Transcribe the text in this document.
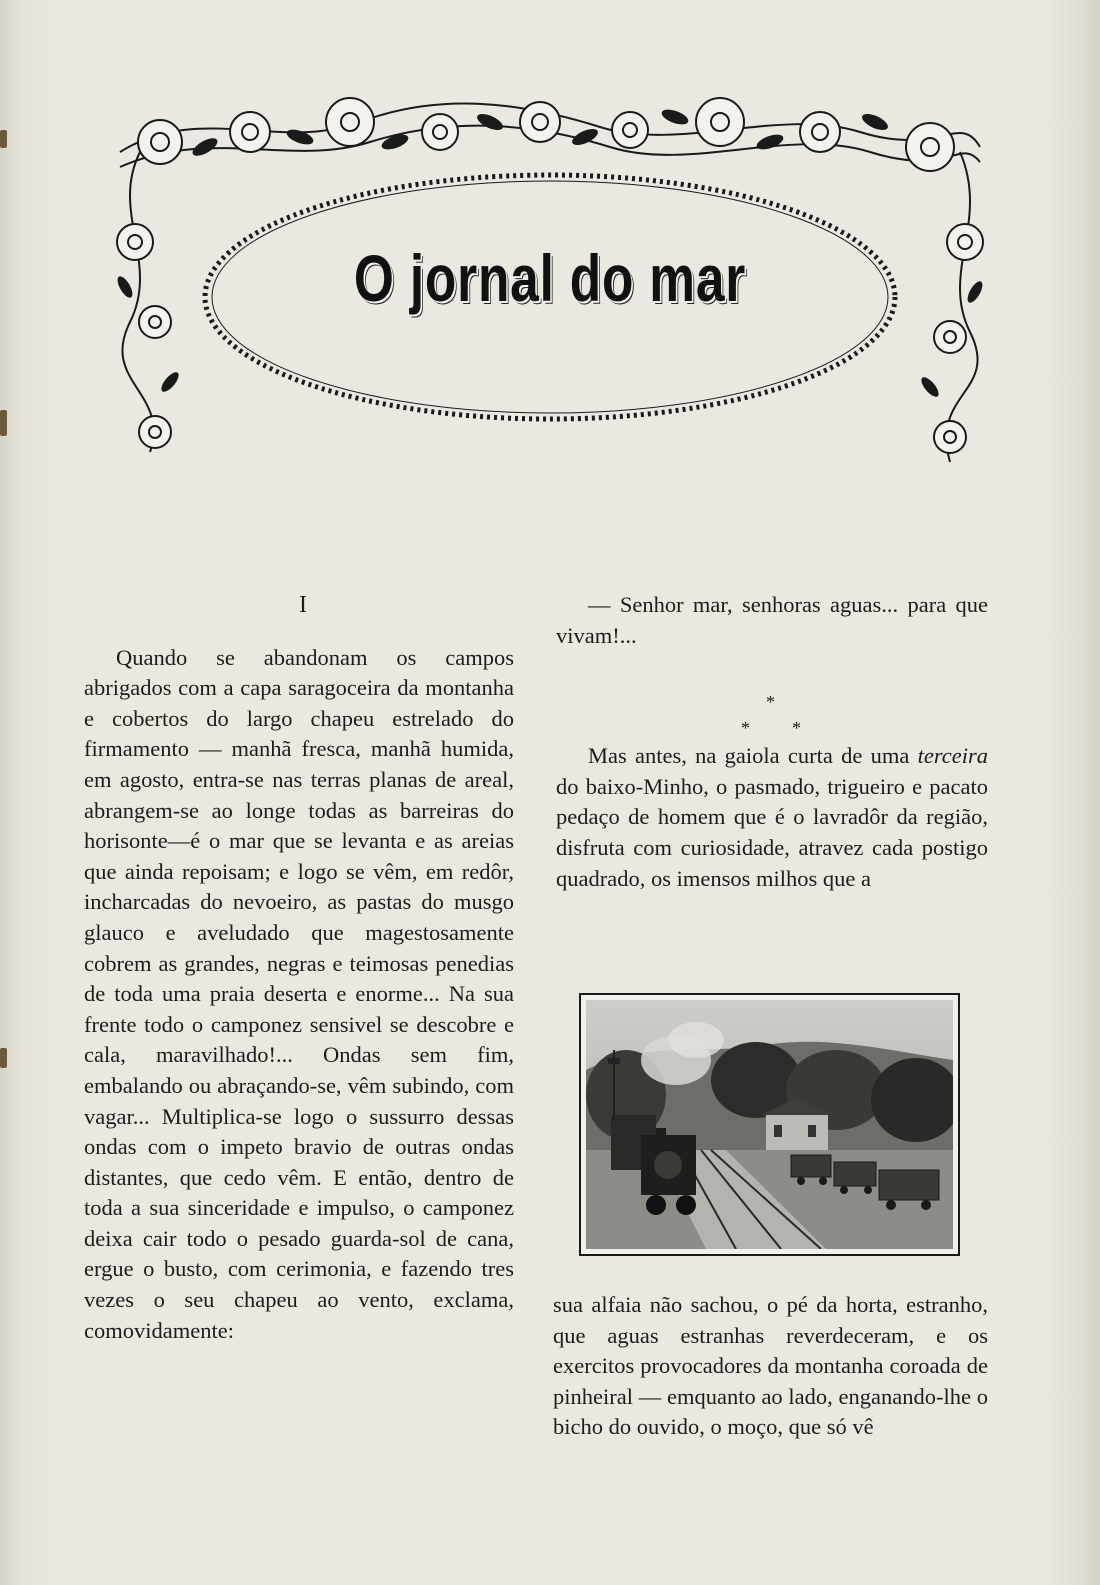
O jornal do mar
I

Quando se abandonam os campos abrigados com a capa saragoceira da montanha e cobertos do largo chapeu estrelado do firmamento — manhã fresca, manhã humida, em agosto, entra-se nas terras planas de areal, abrangem-se ao longe todas as barreiras do horisonte—é o mar que se levanta e as areias que ainda repoisam; e logo se vêm, em redôr, incharcadas do nevoeiro, as pastas do musgo glauco e aveludado que magestosamente cobrem as grandes, negras e teimosas penedias de toda uma praia deserta e enorme... Na sua frente todo o camponez sensivel se descobre e cala, maravilhado!... Ondas sem fim, embalando ou abraçando-se, vêm subindo, com vagar... Multiplica-se logo o sussurro dessas ondas com o impeto bravio de outras ondas distantes, que cedo vêm. E então, dentro de toda a sua sinceridade e impulso, o camponez deixa cair todo o pesado guarda-sol de cana, ergue o busto, com cerimonia, e fazendo tres vezes o seu chapeu ao vento, exclama, comovidamente:

— Senhor mar, senhoras aguas... para que vivam!...

*
* *

Mas antes, na gaiola curta de uma terceira do baixo-Minho, o pasmado, trigueiro e pacato pedaço de homem que é o lavradôr da região, disfruta com curiosidade, atravez cada postigo quadrado, os imensos milhos que a

sua alfaia não sachou, o pé da horta, estranho, que aguas estranhas reverdeceram, e os exercitos provocadores da montanha coroada de pinheiral — emquanto ao lado, enganando-lhe o bicho do ouvido, o moço, que só vê
